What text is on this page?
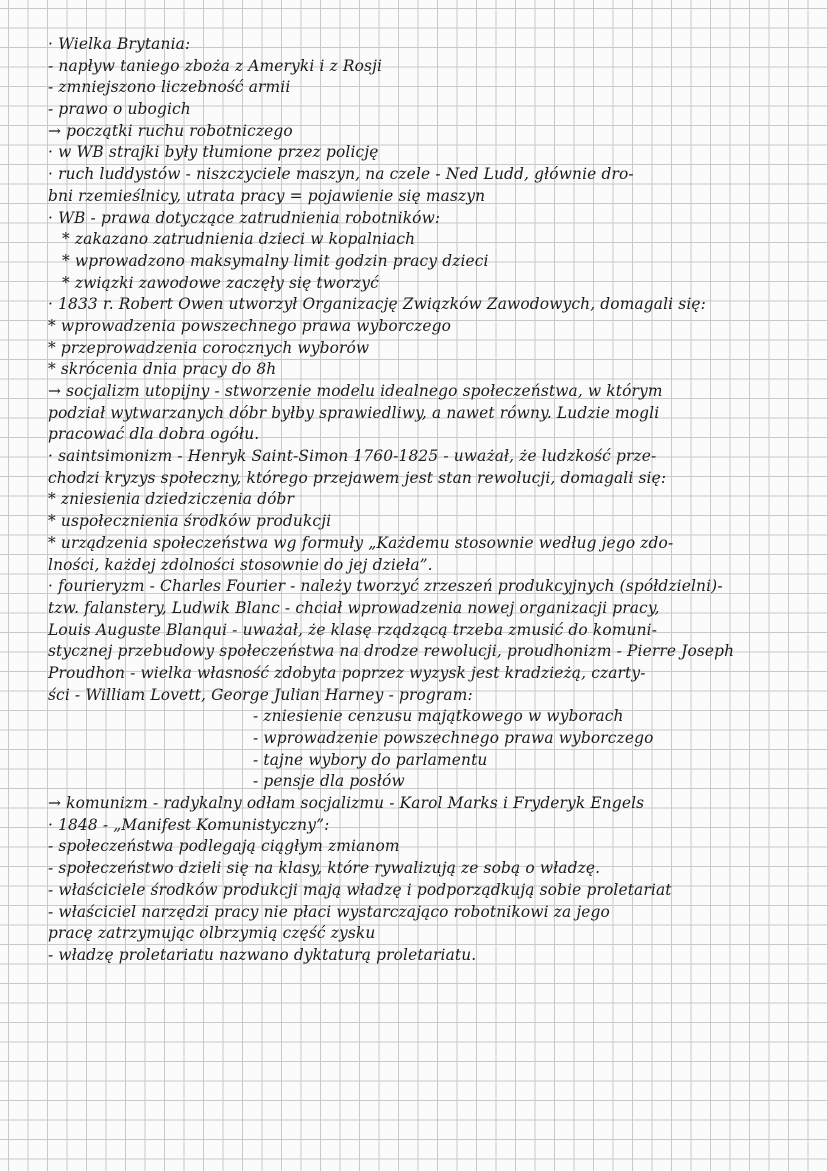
· Wielka Brytania:
- napływ taniego zboża z Ameryki i z Rosji
- zmniejszono liczebność armii
- prawo o ubogich
→ początki ruchu robotniczego
· w WB strajki były tłumione przez policję
· ruch luddystów - niszczyciele maszyn, na czele - Ned Ludd, głównie dro-
bni rzemieślnicy, utrata pracy = pojawienie się maszyn
· WB - prawa dotyczące zatrudnienia robotników:
* zakazano zatrudnienia dzieci w kopalniach
* wprowadzono maksymalny limit godzin pracy dzieci
* związki zawodowe zaczęły się tworzyć
· 1833 r. Robert Owen utworzył Organizację Związków Zawodowych, domagali się:
* wprowadzenia powszechnego prawa wyborczego
* przeprowadzenia corocznych wyborów
* skrócenia dnia pracy do 8h
→ socjalizm utopijny - stworzenie modelu idealnego społeczeństwa, w którym
podział wytwarzanych dóbr byłby sprawiedliwy, a nawet równy. Ludzie mogli
pracować dla dobra ogółu.
· saintsimonizm - Henryk Saint-Simon 1760-1825 - uważał, że ludzkość prze-
chodzi kryzys społeczny, którego przejawem jest stan rewolucji, domagali się:
* zniesienia dziedziczenia dóbr
* uspołecznienia środków produkcji
* urządzenia społeczeństwa wg formuły „Każdemu stosownie według jego zdo-
lności, każdej zdolności stosownie do jej dzieła”.
· fourieryzm - Charles Fourier - należy tworzyć zrzeszeń produkcyjnych (spółdzielni)-
tzw. falanstery, Ludwik Blanc - chciał wprowadzenia nowej organizacji pracy,
Louis Auguste Blanqui - uważał, że klasę rządzącą trzeba zmusić do komuni-
stycznej przebudowy społeczeństwa na drodze rewolucji, proudhonizm - Pierre Joseph
Proudhon - wielka własność zdobyta poprzez wyzysk jest kradzieżą, czarty-
ści - William Lovett, George Julian Harney - program:
- zniesienie cenzusu majątkowego w wyborach
- wprowadzenie powszechnego prawa wyborczego
- tajne wybory do parlamentu
- pensje dla posłów
→ komunizm - radykalny odłam socjalizmu - Karol Marks i Fryderyk Engels
· 1848 - „Manifest Komunistyczny”:
- społeczeństwa podlegają ciągłym zmianom
- społeczeństwo dzieli się na klasy, które rywalizują ze sobą o władzę.
- właściciele środków produkcji mają władzę i podporządkują sobie proletariat
- właściciel narzędzi pracy nie płaci wystarczająco robotnikowi za jego
pracę zatrzymując olbrzymią część zysku
- władzę proletariatu nazwano dyktaturą proletariatu.
